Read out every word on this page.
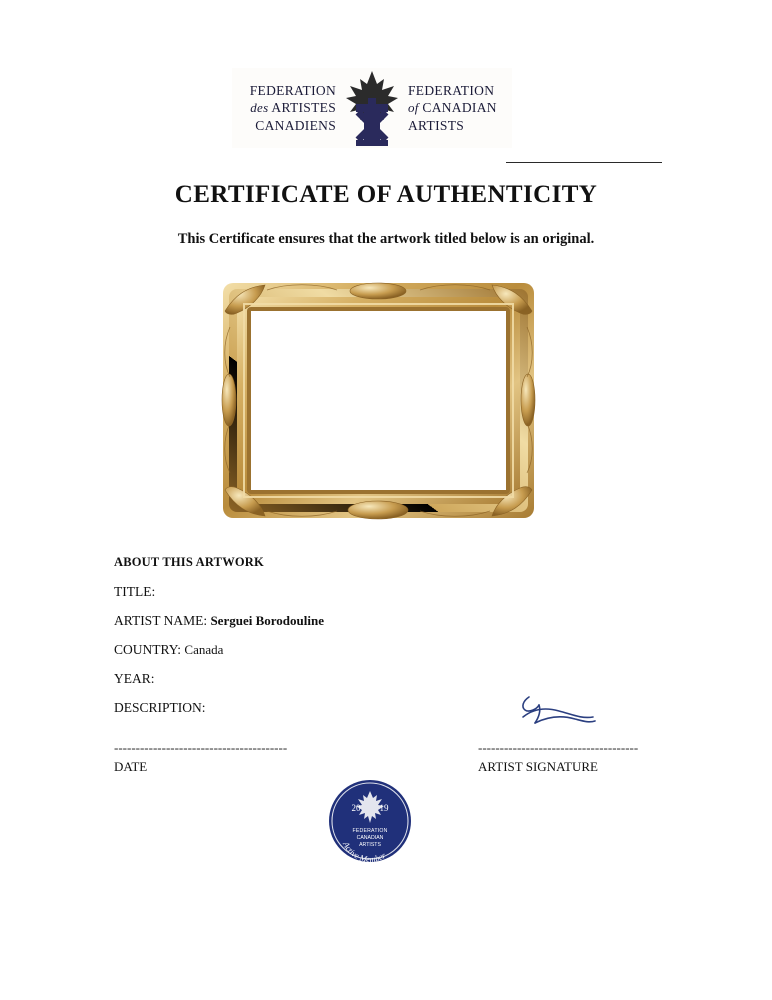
FEDERATION
des ARTISTES
CANADIENS
FEDERATION
of CANADIAN
ARTISTS
CERTIFICATE OF AUTHENTICITY
This Certificate ensures that the artwork titled below is an original.
ABOUT THIS ARTWORK
TITLE:
ARTIST NAME: Serguei Borodouline
COUNTRY: Canada
YEAR:
DESCRIPTION:
----------------------------------------	-------------------------------------
DATE	ARTIST SIGNATURE
20 19
FEDERATION
CANADIAN
ARTISTS
Active Member
